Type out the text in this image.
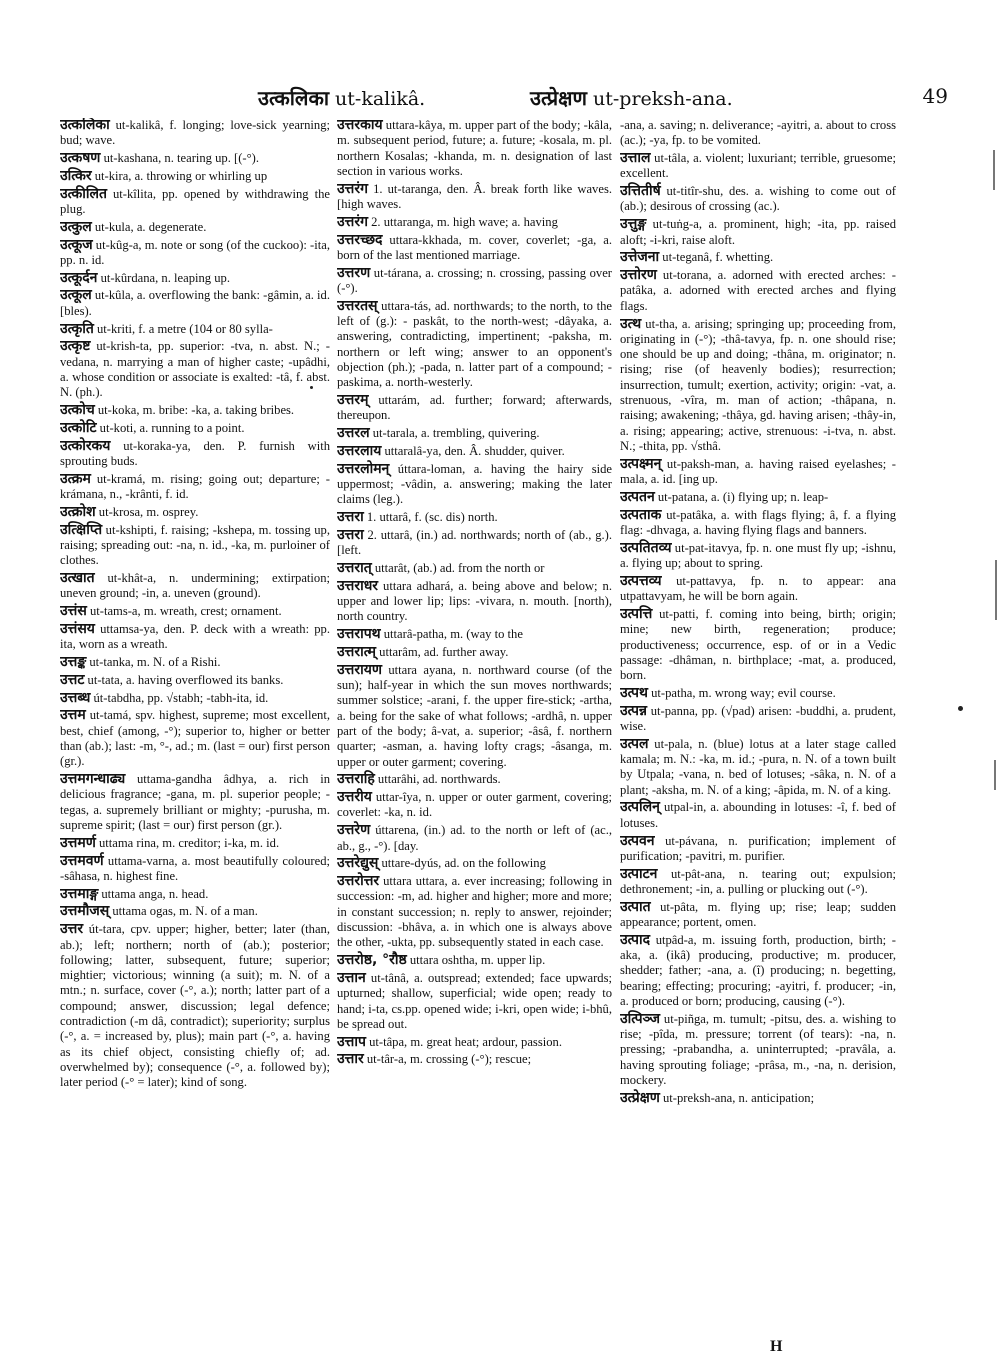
उत्कलिका ut-kalikâ.	उत्प्रेक्षण ut-preksh-ana.	49

उत्कलिका ut-kalikâ, f. longing; love-sick yearning; bud; wave.

उत्कषण ut-kashana, n. tearing up. [(-°).

उत्किर ut-kira, a. throwing or whirling up

उत्कीलित ut-kîlita, pp. opened by withdrawing the plug.

उत्कुल ut-kula, a. degenerate.

उत्कूज ut-kûg-a, m. note or song (of the cuckoo): -ita, pp. n. id.

उत्कूर्दन ut-kûrdana, n. leaping up.

उत्कूल ut-kûla, a. overflowing the bank: -gâmin, a. id. [bles).

उत्कृति ut-kriti, f. a metre (104 or 80 sylla-

उत्कृष्ट ut-krish-ta, pp. superior: -tva, n. abst. N.; -vedana, n. marrying a man of higher caste; -upâdhi, a. whose condition or associate is exalted: -tâ, f. abst. N. (ph.).

उत्कोच ut-koka, m. bribe: -ka, a. taking bribes.

उत्कोटि ut-koti, a. running to a point.

उत्कोरकय ut-koraka-ya, den. P. furnish with sprouting buds.

उत्क्रम ut-kramá, m. rising; going out; departure; -krámana, n., -krânti, f. id.

उत्क्रोश ut-krosa, m. osprey.

उत्क्षिप्ति ut-kshipti, f. raising; -kshepa, m. tossing up, raising; spreading out: -na, n. id., -ka, m. purloiner of clothes.

उत्खात ut-khât-a, n. undermining; extirpation; uneven ground; -in, a. uneven (ground).

उत्तंस ut-tams-a, m. wreath, crest; ornament.

उत्तंसय uttamsa-ya, den. P. deck with a wreath: pp. ita, worn as a wreath.

उत्तङ्क ut-tanka, m. N. of a Rishi.

उत्तट ut-tata, a. having overflowed its banks.

उत्तब्ध út-tabdha, pp. √stabh; -tabh-ita, id.

उत्तम ut-tamá, spv. highest, supreme; most excellent, best, chief (among, -°); superior to, higher or better than (ab.); last: -m, °-, ad.; m. (last = our) first person (gr.).

उत्तमगन्धाढ्य uttama-gandha âdhya, a. rich in delicious fragrance; -gana, m. pl. superior people; -tegas, a. supremely brilliant or mighty; -purusha, m. supreme spirit; (last = our) first person (gr.).

उत्तमर्ण uttama rina, m. creditor; i-ka, m. id.

उत्तमवर्ण uttama-varna, a. most beautifully coloured; -sâhasa, n. highest fine.

उत्तमाङ्ग uttama anga, n. head.

उत्तमौजस् uttama ogas, m. N. of a man.

उत्तर út-tara, cpv. upper; higher, better; later (than, ab.); left; northern; north of (ab.); posterior; following; latter, subsequent, future; superior; mightier; victorious; winning (a suit); m. N. of a mtn.; n. surface, cover (-°, a.); north; latter part of a compound; answer, discussion; legal defence; contradiction (-m dâ, contradict); superiority; surplus (-°, a. = increased by, plus); main part (-°, a. having as its chief object, consisting chiefly of; ad. overwhelmed by); consequence (-°, a. followed by); later period (-° = later); kind of song.

उत्तरकाय uttara-kâya, m. upper part of the body; -kâla, m. subsequent period, future; a. future; -kosala, m. pl. northern Kosalas; -khanda, m. n. designation of last section in various works.

उत्तरंग 1. ut-taranga, den. Â. break forth like waves. [high waves.

उत्तरंग 2. uttaranga, m. high wave; a. having

उत्तरच्छद uttara-kkhada, m. cover, coverlet; -ga, a. born of the last mentioned marriage.

उत्तरण ut-tárana, a. crossing; n. crossing, passing over (-°).

उत्तरतस् uttara-tás, ad. northwards; to the north, to the left of (g.): - paskât, to the north-west; -dâyaka, a. answering, contradicting, impertinent; -paksha, m. northern or left wing; answer to an opponent's objection (ph.); -pada, n. latter part of a compound; -paskima, a. north-westerly.

उत्तरम् uttarám, ad. further; forward; afterwards, thereupon.

उत्तरल ut-tarala, a. trembling, quivering.

उत्तरलाय uttaralâ-ya, den. Â. shudder, quiver.

उत्तरलोमन् úttara-loman, a. having the hairy side uppermost; -vâdin, a. answering; making the later claims (leg.).

उत्तरा 1. uttarâ, f. (sc. dis) north.

उत्तरा 2. uttarâ, (in.) ad. northwards; north of (ab., g.). [left.

उत्तरात् uttarât, (ab.) ad. from the north or

उत्तराधर uttara adhará, a. being above and below; n. upper and lower lip; lips: -vivara, n. mouth. [north), north country.

उत्तरापथ uttarâ-patha, m. (way to the

उत्तरात्म् uttarâm, ad. further away.

उत्तरायण uttara ayana, n. northward course (of the sun); half-year in which the sun moves northwards; summer solstice; -arani, f. the upper fire-stick; -artha, a. being for the sake of what follows; -ardhâ, n. upper part of the body; â-vat, a. superior; -âsâ, f. northern quarter; -asman, a. having lofty crags; -âsanga, m. upper or outer garment; covering.

उत्तराहि uttarâhi, ad. northwards.

उत्तरीय uttar-îya, n. upper or outer garment, covering; coverlet: -ka, n. id.

उत्तरेण úttarena, (in.) ad. to the north or left of (ac., ab., g., -°). [day.

उत्तरेद्युस् uttare-dyús, ad. on the following

उत्तरोत्तर uttara uttara, a. ever increasing; following in succession: -m, ad. higher and higher; more and more; in constant succession; n. reply to answer, rejoinder; discussion: -bhâva, a. in which one is always above the other, -ukta, pp. subsequently stated in each case.

उत्तरोष्ठ, °रौष्ठ uttara oshtha, m. upper lip.

उत्तान ut-tânâ, a. outspread; extended; face upwards; upturned; shallow, superficial; wide open; ready to hand; i-ta, cs.pp. opened wide; i-kri, open wide; i-bhû, be spread out.

उत्ताप ut-tâpa, m. great heat; ardour, passion.

उत्तार ut-târ-a, m. crossing (-°); rescue;

-ana, a. saving; n. deliverance; -ayitri, a. about to cross (ac.); -ya, fp. to be vomited.

उत्ताल ut-tâla, a. violent; luxuriant; terrible, gruesome; excellent.

उत्तितीर्ष ut-titîr-shu, des. a. wishing to come out of (ab.); desirous of crossing (ac.).

उत्तुङ्ग ut-tuṅg-a, a. prominent, high; -ita, pp. raised aloft; -i-kri, raise aloft.

उत्तेजना ut-teganâ, f. whetting.

उत्तोरण ut-torana, a. adorned with erected arches: -patâka, a. adorned with erected arches and flying flags.

उत्थ ut-tha, a. arising; springing up; proceeding from, originating in (-°); -thâ-tavya, fp. n. one should rise; one should be up and doing; -thâna, m. originator; n. rising; rise (of heavenly bodies); resurrection; insurrection, tumult; exertion, activity; origin: -vat, a. strenuous, -vîra, m. man of action; -thâpana, n. raising; awakening; -thâya, gd. having arisen; -thây-in, a. rising; appearing; active, strenuous: -i-tva, n. abst. N.; -thita, pp. √sthâ.

उत्पक्ष्मन् ut-paksh-man, a. having raised eyelashes; -mala, a. id. [ing up.

उत्पतन ut-patana, a. (i) flying up; n. leap-

उत्पताक ut-patâka, a. with flags flying; â, f. a flying flag: -dhvaga, a. having flying flags and banners.

उत्पतितव्य ut-pat-itavya, fp. n. one must fly up; -ishnu, a. flying up; about to spring.

उत्पत्तव्य ut-pattavya, fp. n. to appear: ana utpattavyam, he will be born again.

उत्पत्ति ut-patti, f. coming into being, birth; origin; mine; new birth, regeneration; produce; productiveness; occurrence, esp. of or in a Vedic passage: -dhâman, n. birthplace; -mat, a. produced, born.

उत्पथ ut-patha, m. wrong way; evil course.

उत्पन्न ut-panna, pp. (√pad) arisen: -buddhi, a. prudent, wise.

उत्पल ut-pala, n. (blue) lotus at a later stage called kamala; m. N.: -ka, m. id.; -pura, n. N. of a town built by Utpala; -vana, n. bed of lotuses; -sâka, n. N. of a plant; -aksha, m. N. of a king; -âpida, m. N. of a king.

उत्पलिन् utpal-in, a. abounding in lotuses: -î, f. bed of lotuses.

उत्पवन ut-pávana, n. purification; implement of purification; -pavitri, m. purifier.

उत्पाटन ut-pât-ana, n. tearing out; expulsion; dethronement; -in, a. pulling or plucking out (-°).

उत्पात ut-pâta, m. flying up; rise; leap; sudden appearance; portent, omen.

उत्पाद utpâd-a, m. issuing forth, production, birth; -aka, a. (ikâ) producing, productive; m. producer, shedder; father; -ana, a. (î) producing; n. begetting, bearing; effecting; procuring; -ayitri, f. producer; -in, a. produced or born; producing, causing (-°).

उत्पिञ्ज ut-piñga, m. tumult; -pitsu, des. a. wishing to rise; -pîda, m. pressure; torrent (of tears): -na, n. pressing; -prabandha, a. uninterrupted; -pravâla, a. having sprouting foliage; -prâsa, m., -na, n. derision, mockery.

उत्प्रेक्षण ut-preksh-ana, n. anticipation;

H
